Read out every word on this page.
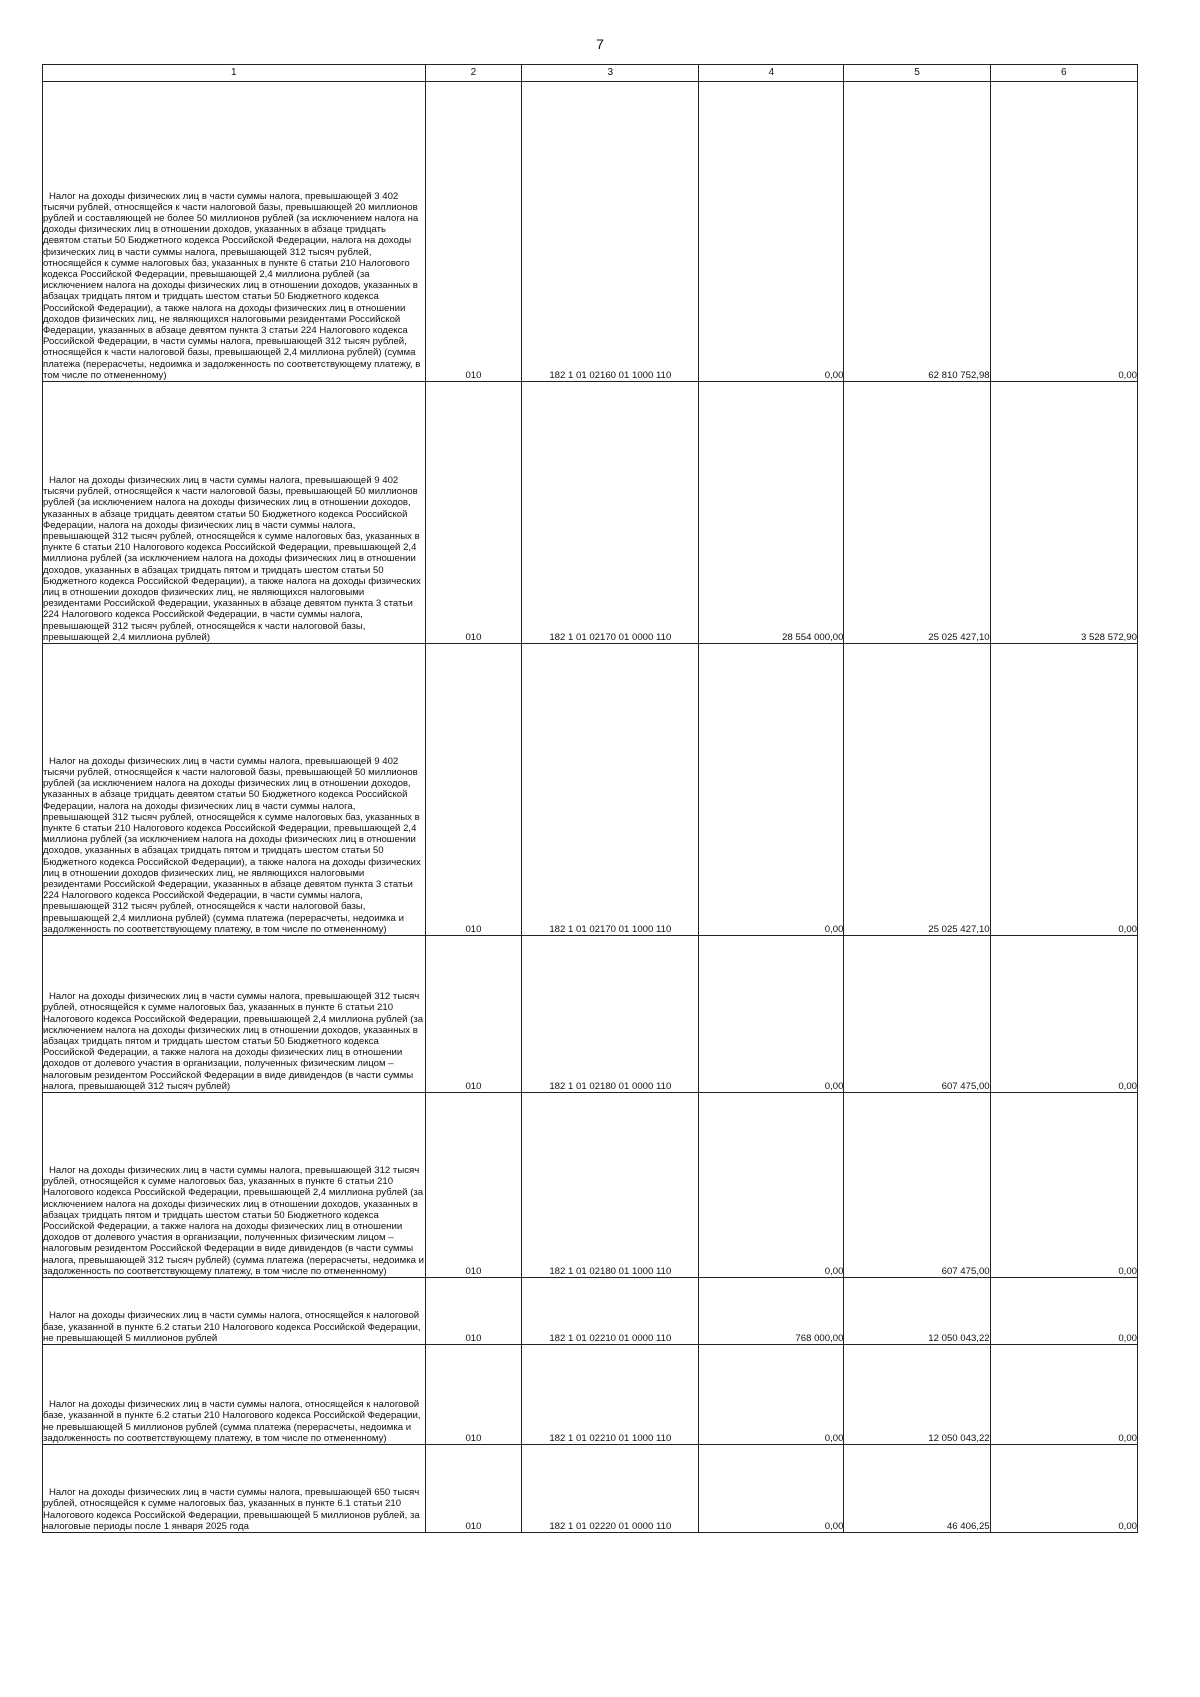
7
1	2	3	4	5	6

Налог на доходы физических лиц в части суммы налога, превышающей 3 402 тысячи рублей, относящейся к части налоговой базы, превышающей 20 миллионов рублей и составляющей не более 50 миллионов рублей (за исключением налога на доходы физических лиц в отношении доходов, указанных в абзаце тридцать девятом статьи 50 Бюджетного кодекса Российской Федерации, налога на доходы физических лиц в части суммы налога, превышающей 312 тысяч рублей, относящейся к сумме налоговых баз, указанных в пункте 6 статьи 210 Налогового кодекса Российской Федерации, превышающей 2,4 миллиона рублей (за исключением налога на доходы физических лиц в отношении доходов, указанных в абзацах тридцать пятом и тридцать шестом статьи 50 Бюджетного кодекса Российской Федерации), а также налога на доходы физических лиц в отношении доходов физических лиц, не являющихся налоговыми резидентами Российской Федерации, указанных в абзаце девятом пункта 3 статьи 224 Налогового кодекса Российской Федерации, в части суммы налога, превышающей 312 тысяч рублей, относящейся к части налоговой базы, превышающей 2,4 миллиона рублей) (сумма платежа (перерасчеты, недоимка и задолженность по соответствующему платежу, в том числе по отмененному)	010	182 1 01 02160 01 1000 110	0,00	62 810 752,98	0,00

Налог на доходы физических лиц в части суммы налога, превышающей 9 402 тысячи рублей, относящейся к части налоговой базы, превышающей 50 миллионов рублей (за исключением налога на доходы физических лиц в отношении доходов, указанных в абзаце тридцать девятом статьи 50 Бюджетного кодекса Российской Федерации, налога на доходы физических лиц в части суммы налога, превышающей 312 тысяч рублей, относящейся к сумме налоговых баз, указанных в пункте 6 статьи 210 Налогового кодекса Российской Федерации, превышающей 2,4 миллиона рублей (за исключением налога на доходы физических лиц в отношении доходов, указанных в абзацах тридцать пятом и тридцать шестом статьи 50 Бюджетного кодекса Российской Федерации), а также налога на доходы физических лиц в отношении доходов физических лиц, не являющихся налоговыми резидентами Российской Федерации, указанных в абзаце девятом пункта 3 статьи 224 Налогового кодекса Российской Федерации, в части суммы налога, превышающей 312 тысяч рублей, относящейся к части налоговой базы, превышающей 2,4 миллиона рублей)	010	182 1 01 02170 01 0000 110	28 554 000,00	25 025 427,10	3 528 572,90

Налог на доходы физических лиц в части суммы налога, превышающей 9 402 тысячи рублей, относящейся к части налоговой базы, превышающей 50 миллионов рублей (за исключением налога на доходы физических лиц в отношении доходов, указанных в абзаце тридцать девятом статьи 50 Бюджетного кодекса Российской Федерации, налога на доходы физических лиц в части суммы налога, превышающей 312 тысяч рублей, относящейся к сумме налоговых баз, указанных в пункте 6 статьи 210 Налогового кодекса Российской Федерации, превышающей 2,4 миллиона рублей (за исключением налога на доходы физических лиц в отношении доходов, указанных в абзацах тридцать пятом и тридцать шестом статьи 50 Бюджетного кодекса Российской Федерации), а также налога на доходы физических лиц в отношении доходов физических лиц, не являющихся налоговыми резидентами Российской Федерации, указанных в абзаце девятом пункта 3 статьи 224 Налогового кодекса Российской Федерации, в части суммы налога, превышающей 312 тысяч рублей, относящейся к части налоговой базы, превышающей 2,4 миллиона рублей) (сумма платежа (перерасчеты, недоимка и задолженность по соответствующему платежу, в том числе по отмененному)	010	182 1 01 02170 01 1000 110	0,00	25 025 427,10	0,00

Налог на доходы физических лиц в части суммы налога, превышающей 312 тысяч рублей, относящейся к сумме налоговых баз, указанных в пункте 6 статьи 210 Налогового кодекса Российской Федерации, превышающей 2,4 миллиона рублей (за исключением налога на доходы физических лиц в отношении доходов, указанных в абзацах тридцать пятом и тридцать шестом статьи 50 Бюджетного кодекса Российской Федерации, а также налога на доходы физических лиц в отношении доходов от долевого участия в организации, полученных физическим лицом – налоговым резидентом Российской Федерации в виде дивидендов (в части суммы налога, превышающей 312 тысяч рублей)	010	182 1 01 02180 01 0000 110	0,00	607 475,00	0,00

Налог на доходы физических лиц в части суммы налога, превышающей 312 тысяч рублей, относящейся к сумме налоговых баз, указанных в пункте 6 статьи 210 Налогового кодекса Российской Федерации, превышающей 2,4 миллиона рублей (за исключением налога на доходы физических лиц в отношении доходов, указанных в абзацах тридцать пятом и тридцать шестом статьи 50 Бюджетного кодекса Российской Федерации, а также налога на доходы физических лиц в отношении доходов от долевого участия в организации, полученных физическим лицом – налоговым резидентом Российской Федерации в виде дивидендов (в части суммы налога, превышающей 312 тысяч рублей) (сумма платежа (перерасчеты, недоимка и задолженность по соответствующему платежу, в том числе по отмененному)	010	182 1 01 02180 01 1000 110	0,00	607 475,00	0,00

Налог на доходы физических лиц в части суммы налога, относящейся к налоговой базе, указанной в пункте 6.2 статьи 210 Налогового кодекса Российской Федерации, не превышающей 5 миллионов рублей	010	182 1 01 02210 01 0000 110	768 000,00	12 050 043,22	0,00

Налог на доходы физических лиц в части суммы налога, относящейся к налоговой базе, указанной в пункте 6.2 статьи 210 Налогового кодекса Российской Федерации, не превышающей 5 миллионов рублей (сумма платежа (перерасчеты, недоимка и задолженность по соответствующему платежу, в том числе по отмененному)	010	182 1 01 02210 01 1000 110	0,00	12 050 043,22	0,00

Налог на доходы физических лиц в части суммы налога, превышающей 650 тысяч рублей, относящейся к сумме налоговых баз, указанных в пункте 6.1 статьи 210 Налогового кодекса Российской Федерации, превышающей 5 миллионов рублей, за налоговые периоды после 1 января 2025 года	010	182 1 01 02220 01 0000 110	0,00	46 406,25	0,00
